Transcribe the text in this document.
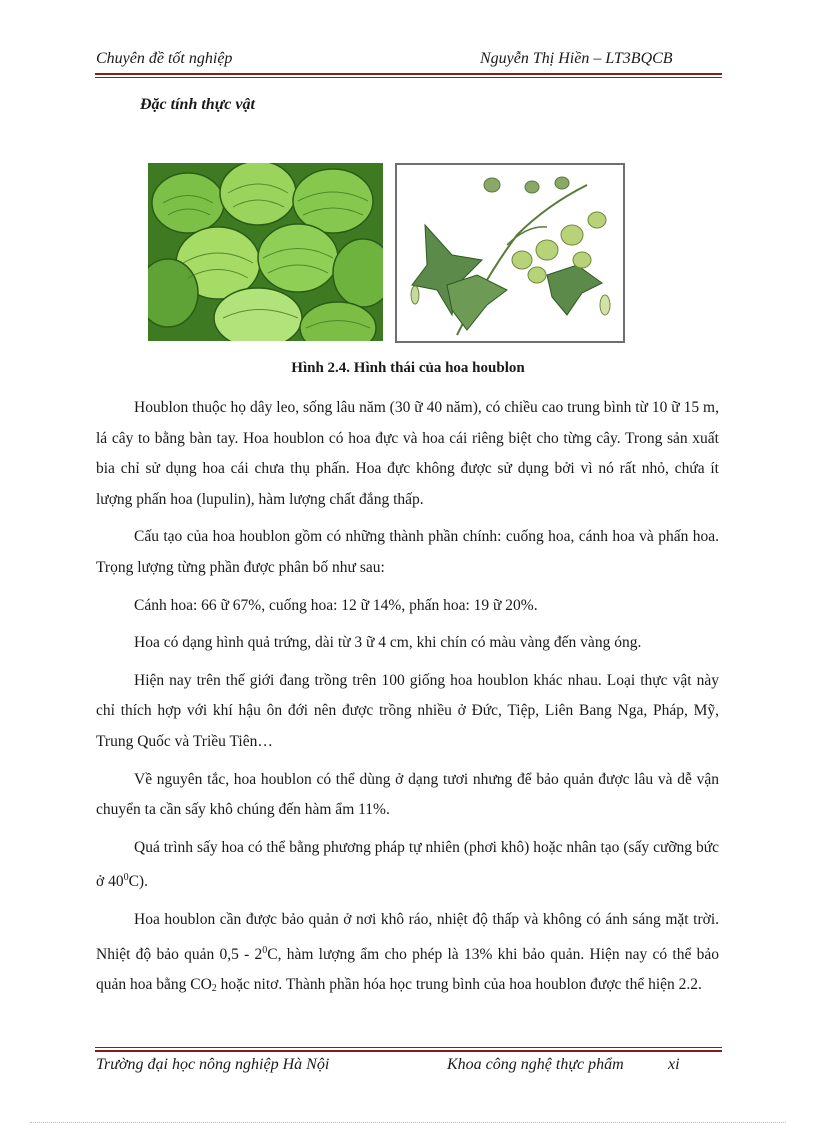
Chuyên đề tốt nghiệp	Nguyễn Thị Hiền – LT3BQCB
Đặc tính thực vật
Hình 2.4. Hình thái của hoa houblon

Houblon thuộc họ dây leo, sống lâu năm (30 ữ 40 năm), có chiều cao trung bình từ 10 ữ 15 m, lá cây to bằng bàn tay. Hoa houblon có hoa đực và hoa cái riêng biệt cho từng cây. Trong sản xuất bia chỉ sử dụng hoa cái chưa thụ phấn. Hoa đực không được sử dụng bởi vì nó rất nhỏ, chứa ít lượng phấn hoa (lupulin), hàm lượng chất đắng thấp.

Cấu tạo của hoa houblon gồm có những thành phần chính: cuống hoa, cánh hoa và phấn hoa. Trọng lượng từng phần được phân bố như sau:

Cánh hoa: 66 ữ 67%, cuống hoa: 12 ữ 14%, phấn hoa: 19 ữ 20%.

Hoa có dạng hình quả trứng, dài từ 3 ữ 4 cm, khi chín có màu vàng đến vàng óng.

Hiện nay trên thế giới đang trồng trên 100 giống hoa houblon khác nhau. Loại thực vật này chỉ thích hợp với khí hậu ôn đới nên được trồng nhiều ở Đức, Tiệp, Liên Bang Nga, Pháp, Mỹ, Trung Quốc và Triều Tiên…

Về nguyên tắc, hoa houblon có thể dùng ở dạng tươi nhưng để bảo quản được lâu và dễ vận chuyển ta cần sấy khô chúng đến hàm ẩm 11%.

Quá trình sấy hoa có thể bằng phương pháp tự nhiên (phơi khô) hoặc nhân tạo (sấy cưỡng bức ở $40^0C$).

Hoa houblon cần được bảo quản ở nơi khô ráo, nhiệt độ thấp và không có ánh sáng mặt trời. Nhiệt độ bảo quản $0,5 - 2^0C$, hàm lượng ẩm cho phép là 13% khi bảo quản. Hiện nay có thể bảo quản hoa bằng $CO_2$ hoặc nitơ. Thành phần hóa học trung bình của hoa houblon được thể hiện 2.2.

Trường đại học nông nghiệp Hà Nội	Khoa công nghệ thực phẩm	xi
